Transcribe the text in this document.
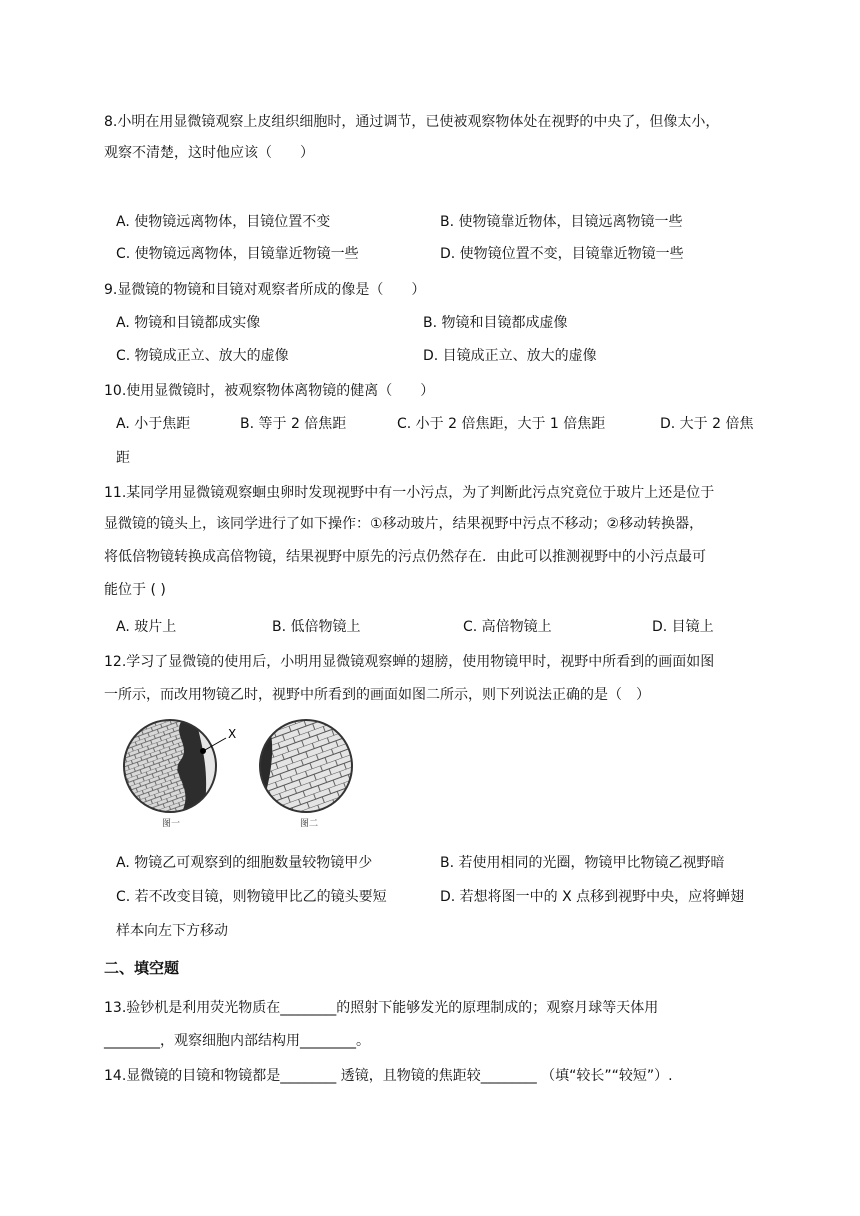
8.小明在用显微镜观察上皮组织细胞时，通过调节，已使被观察物体处在视野的中央了，但像太小，
观察不清楚，这时他应该（　　）
A. 使物镜远离物体，目镜位置不变	B. 使物镜靠近物体，目镜远离物镜一些
C. 使物镜远离物体，目镜靠近物镜一些	D. 使物镜位置不变，目镜靠近物镜一些
9.显微镜的物镜和目镜对观察者所成的像是（　　）
A. 物镜和目镜都成实像	B. 物镜和目镜都成虚像
C. 物镜成正立、放大的虚像	D. 目镜成正立、放大的虚像
10.使用显微镜时，被观察物体离物镜的健离（　　）
A. 小于焦距	B. 等于 2 倍焦距	C. 小于 2 倍焦距，大于 1 倍焦距	D. 大于 2 倍焦
距
11.某同学用显微镜观察蛔虫卵时发现视野中有一小污点，为了判断此污点究竟位于玻片上还是位于
显微镜的镜头上，该同学进行了如下操作：①移动玻片，结果视野中污点不移动；②移动转换器，
将低倍物镜转换成高倍物镜，结果视野中原先的污点仍然存在．由此可以推测视野中的小污点最可
能位于 ( )
A. 玻片上	B. 低倍物镜上	C. 高倍物镜上	D. 目镜上
12.学习了显微镜的使用后，小明用显微镜观察蝉的翅膀，使用物镜甲时，视野中所看到的画面如图
一所示，而改用物镜乙时，视野中所看到的画面如图二所示，则下列说法正确的是（　）
X
图一	图二
A. 物镜乙可观察到的细胞数量较物镜甲少	B. 若使用相同的光圈，物镜甲比物镜乙视野暗
C. 若不改变目镜，则物镜甲比乙的镜头要短	D. 若想将图一中的 X 点移到视野中央，应将蝉翅
样本向左下方移动
二、填空题
13.验钞机是利用荧光物质在________的照射下能够发光的原理制成的；观察月球等天体用
________，观察细胞内部结构用________。
14.显微镜的目镜和物镜都是________ 透镜，且物镜的焦距较________ （填“较长”“较短”）.
